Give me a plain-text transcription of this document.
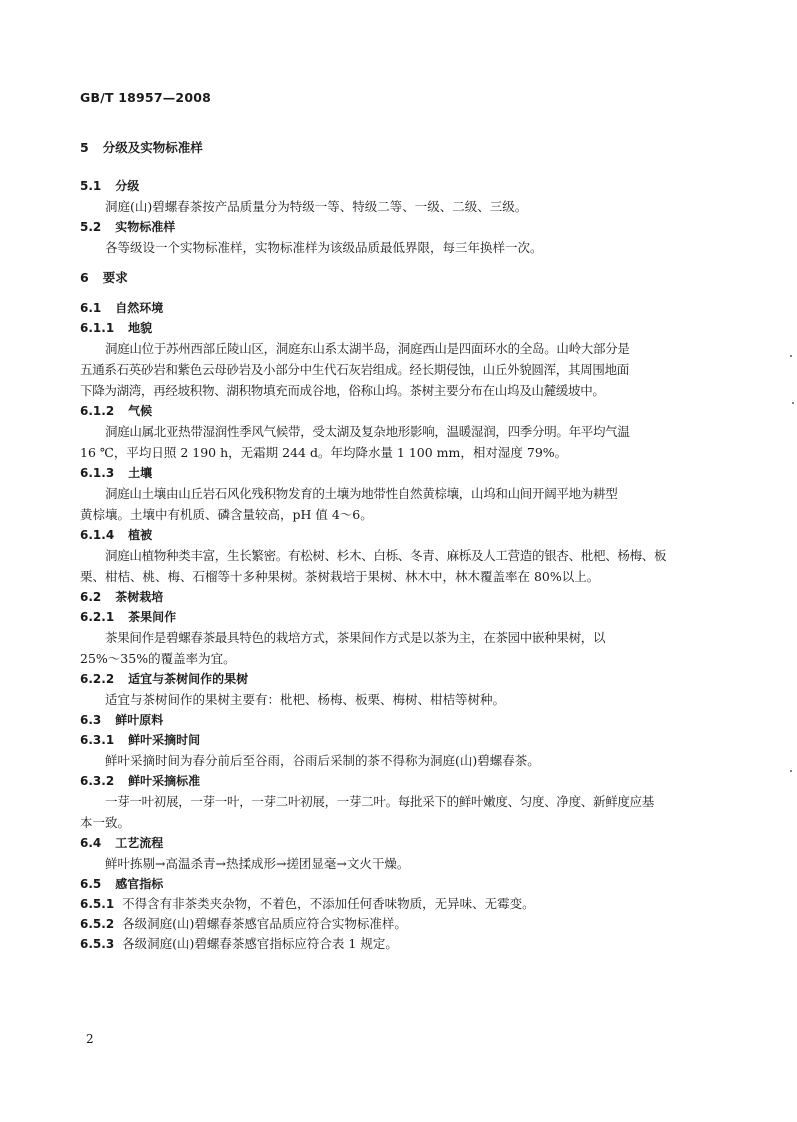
GB/T 18957—2008
5 分级及实物标准样
5.1 分级
洞庭(山)碧螺春茶按产品质量分为特级一等、特级二等、一级、二级、三级。
5.2 实物标准样
各等级设一个实物标准样，实物标准样为该级品质最低界限，每三年换样一次。
6 要求
6.1 自然环境
6.1.1 地貌
洞庭山位于苏州西部丘陵山区，洞庭东山系太湖半岛，洞庭西山是四面环水的全岛。山岭大部分是
五通系石英砂岩和紫色云母砂岩及小部分中生代石灰岩组成。经长期侵蚀，山丘外貌圆浑，其周围地面
下降为湖湾，再经坡积物、湖积物填充而成谷地，俗称山坞。茶树主要分布在山坞及山麓缓坡中。
6.1.2 气候
洞庭山属北亚热带湿润性季风气候带，受太湖及复杂地形影响，温暖湿润，四季分明。年平均气温
16 ℃，平均日照 2 190 h，无霜期 244 d。年均降水量 1 100 mm，相对湿度 79%。
6.1.3 土壤
洞庭山土壤由山丘岩石风化残积物发育的土壤为地带性自然黄棕壤，山坞和山间开阔平地为耕型
黄棕壤。土壤中有机质、磷含量较高，pH 值 4～6。
6.1.4 植被
洞庭山植物种类丰富，生长繁密。有松树、杉木、白栎、冬青、麻栎及人工营造的银杏、枇杷、杨梅、板
栗、柑桔、桃、梅、石榴等十多种果树。茶树栽培于果树、林木中，林木覆盖率在 80%以上。
6.2 茶树栽培
6.2.1 茶果间作
茶果间作是碧螺春茶最具特色的栽培方式，茶果间作方式是以茶为主，在茶园中嵌种果树，以
25%～35%的覆盖率为宜。
6.2.2 适宜与茶树间作的果树
适宜与茶树间作的果树主要有：枇杷、杨梅、板栗、梅树、柑桔等树种。
6.3 鲜叶原料
6.3.1 鲜叶采摘时间
鲜叶采摘时间为春分前后至谷雨，谷雨后采制的茶不得称为洞庭(山)碧螺春茶。
6.3.2 鲜叶采摘标准
一芽一叶初展，一芽一叶，一芽二叶初展，一芽二叶。每批采下的鲜叶嫩度、匀度、净度、新鲜度应基
本一致。
6.4 工艺流程
鲜叶拣剔→高温杀青→热揉成形→搓团显毫→文火干燥。
6.5 感官指标
6.5.1 不得含有非茶类夹杂物，不着色，不添加任何香味物质，无异味、无霉变。
6.5.2 各级洞庭(山)碧螺春茶感官品质应符合实物标准样。
6.5.3 各级洞庭(山)碧螺春茶感官指标应符合表 1 规定。
2
